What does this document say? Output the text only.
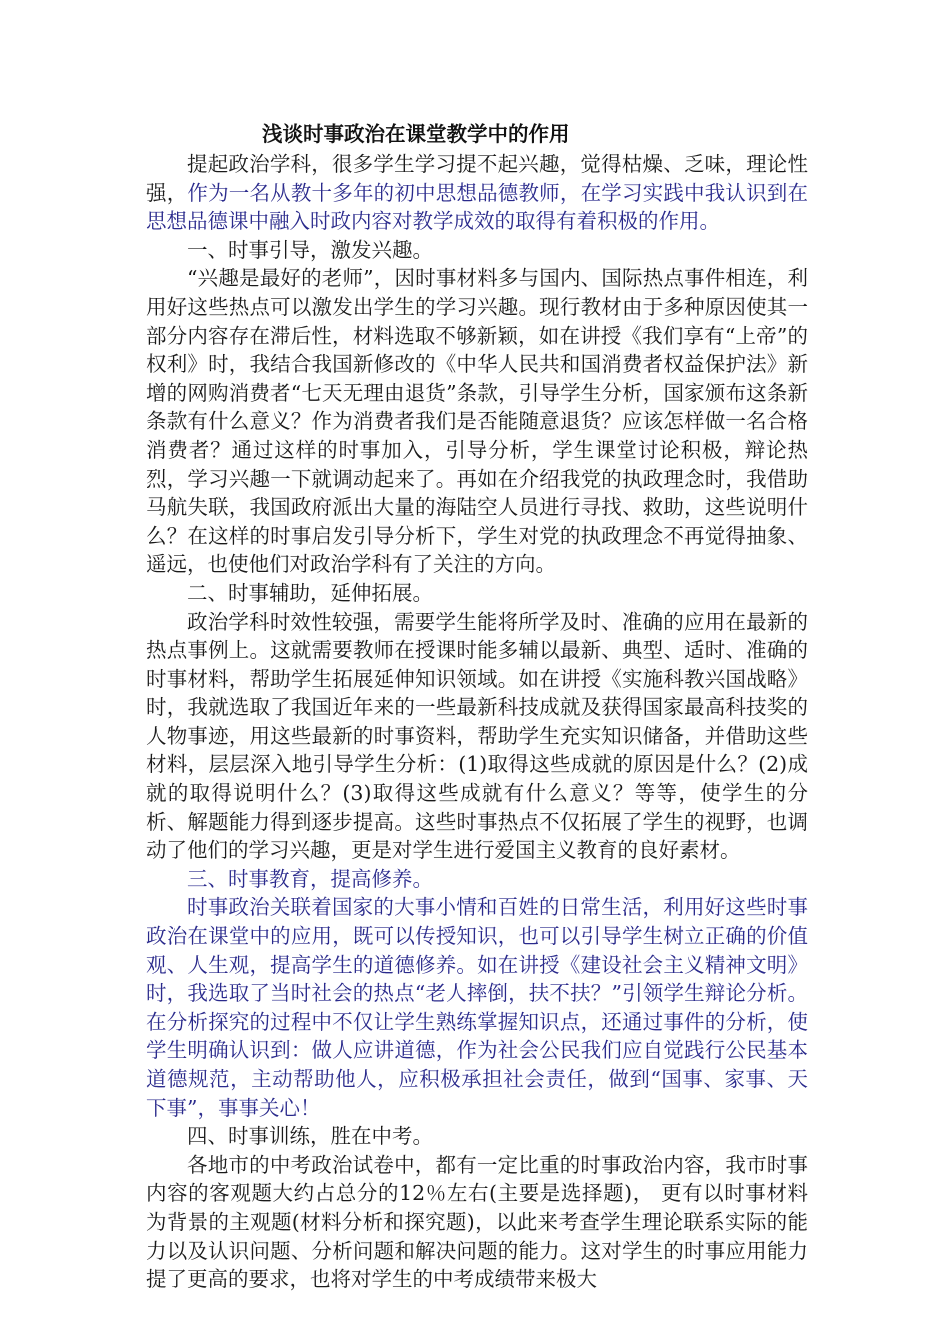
浅谈时事政治在课堂教学中的作用

提起政治学科，很多学生学习提不起兴趣，觉得枯燥、乏味，理论性强，作为一名从教十多年的初中思想品德教师，在学习实践中我认识到在思想品德课中融入时政内容对教学成效的取得有着积极的作用。

一、时事引导，激发兴趣。

“兴趣是最好的老师”，因时事材料多与国内、国际热点事件相连，利用好这些热点可以激发出学生的学习兴趣。现行教材由于多种原因使其一部分内容存在滞后性，材料选取不够新颖，如在讲授《我们享有“上帝”的权利》时，我结合我国新修改的《中华人民共和国消费者权益保护法》新增的网购消费者“七天无理由退货”条款，引导学生分析，国家颁布这条新条款有什么意义？作为消费者我们是否能随意退货？应该怎样做一名合格消费者？通过这样的时事加入，引导分析，学生课堂讨论积极，辩论热烈，学习兴趣一下就调动起来了。再如在介绍我党的执政理念时，我借助马航失联，我国政府派出大量的海陆空人员进行寻找、救助，这些说明什么？在这样的时事启发引导分析下，学生对党的执政理念不再觉得抽象、遥远，也使他们对政治学科有了关注的方向。

二、时事辅助，延伸拓展。

政治学科时效性较强，需要学生能将所学及时、准确的应用在最新的热点事例上。这就需要教师在授课时能多辅以最新、典型、适时、准确的时事材料，帮助学生拓展延伸知识领域。如在讲授《实施科教兴国战略》时，我就选取了我国近年来的一些最新科技成就及获得国家最高科技奖的人物事迹，用这些最新的时事资料，帮助学生充实知识储备，并借助这些材料，层层深入地引导学生分析：(1)取得这些成就的原因是什么？(2)成就的取得说明什么？(3)取得这些成就有什么意义？等等，使学生的分析、解题能力得到逐步提高。这些时事热点不仅拓展了学生的视野，也调动了他们的学习兴趣，更是对学生进行爱国主义教育的良好素材。

三、时事教育，提高修养。

时事政治关联着国家的大事小情和百姓的日常生活，利用好这些时事政治在课堂中的应用，既可以传授知识，也可以引导学生树立正确的价值观、人生观，提高学生的道德修养。如在讲授《建设社会主义精神文明》时，我选取了当时社会的热点“老人摔倒，扶不扶？”引领学生辩论分析。在分析探究的过程中不仅让学生熟练掌握知识点，还通过事件的分析，使学生明确认识到：做人应讲道德，作为社会公民我们应自觉践行公民基本道德规范，主动帮助他人，应积极承担社会责任，做到“国事、家事、天下事”，事事关心！

四、时事训练，胜在中考。

各地市的中考政治试卷中，都有一定比重的时事政治内容，我市时事内容的客观题大约占总分的12％左右(主要是选择题)， 更有以时事材料为背景的主观题(材料分析和探究题)，以此来考查学生理论联系实际的能力以及认识问题、分析问题和解决问题的能力。这对学生的时事应用能力提了更高的要求，也将对学生的中考成绩带来极大
